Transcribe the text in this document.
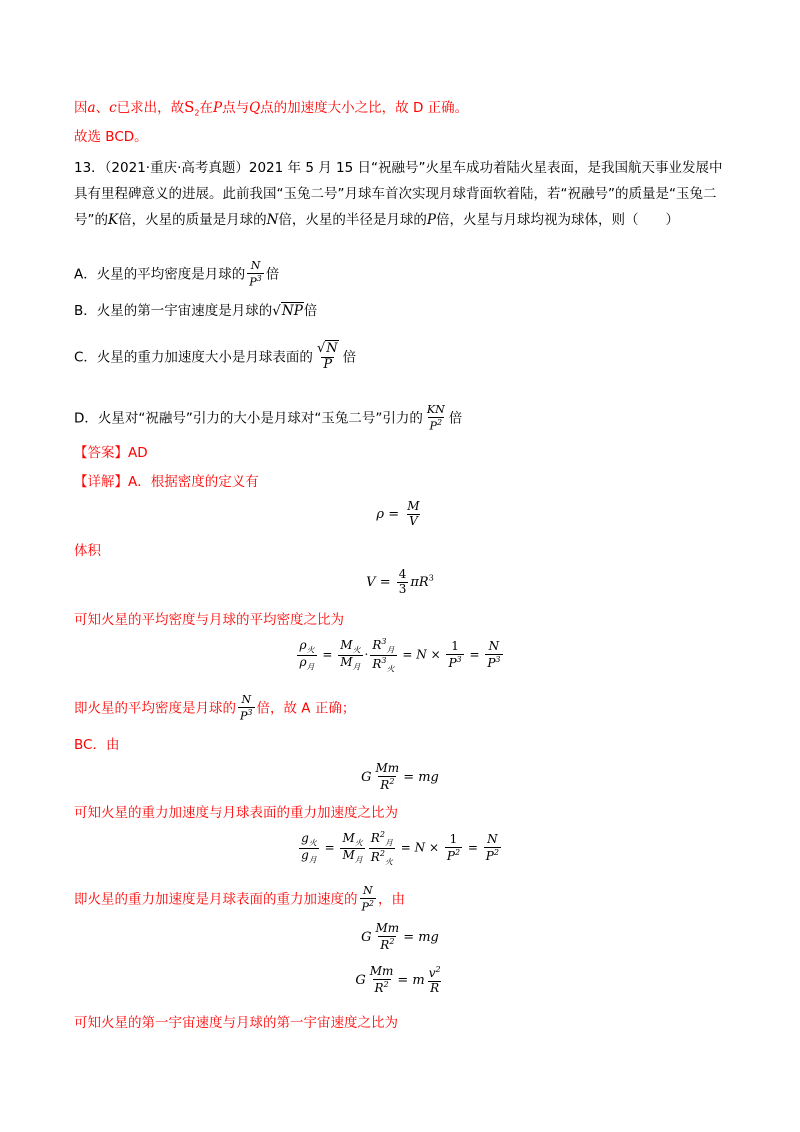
因a、c已求出，故$S_2$在P点与Q点的加速度大小之比，故 D 正确。
故选 BCD。
13．（2021·重庆·高考真题）2021 年 5 月 15 日“祝融号”火星车成功着陆火星表面，是我国航天事业发展中具有里程碑意义的进展。此前我国“玉兔二号”月球车首次实现月球背面软着陆，若“祝融号”的质量是“玉兔二号”的K倍，火星的质量是月球的N倍，火星的半径是月球的P倍，火星与月球均视为球体，则（　　）
A．火星的平均密度是月球的 $\frac{N}{P^3}$ 倍
B．火星的第一宇宙速度是月球的√NP倍
C．火星的重力加速度大小是月球表面的 $\frac{√N}{P}$ 倍
D．火星对“祝融号”引力的大小是月球对“玉兔二号”引力的 $\frac{KN}{P^2}$ 倍
【答案】AD
【详解】A．根据密度的定义有
$\rho = \frac{M}{V}$
体积
$V = \frac{4}{3} \pi R^3$
可知火星的平均密度与月球的平均密度之比为
$\frac{\rho_火}{\rho_月} = \frac{M_火}{M_月} \cdot \frac{R^3_月}{R^3_火} = N \times \frac{1}{P^3} = \frac{N}{P^3}$
即火星的平均密度是月球的 $\frac{N}{P^3}$ 倍，故 A 正确；
BC．由
G $\frac{Mm}{R^2}$ = mg
可知火星的重力加速度与月球表面的重力加速度之比为
$\frac{g_火}{g_月} = \frac{M_火}{M_月} \frac{R^2_月}{R^2_火} = N \times \frac{1}{P^2} = \frac{N}{P^2}$
即火星的重力加速度是月球表面的重力加速度的 $\frac{N}{P^2}$ ，由
G $\frac{Mm}{R^2}$ = mg
G $\frac{Mm}{R^2} = m \frac{v^2}{R}$
可知火星的第一宇宙速度与月球的第一宇宙速度之比为
